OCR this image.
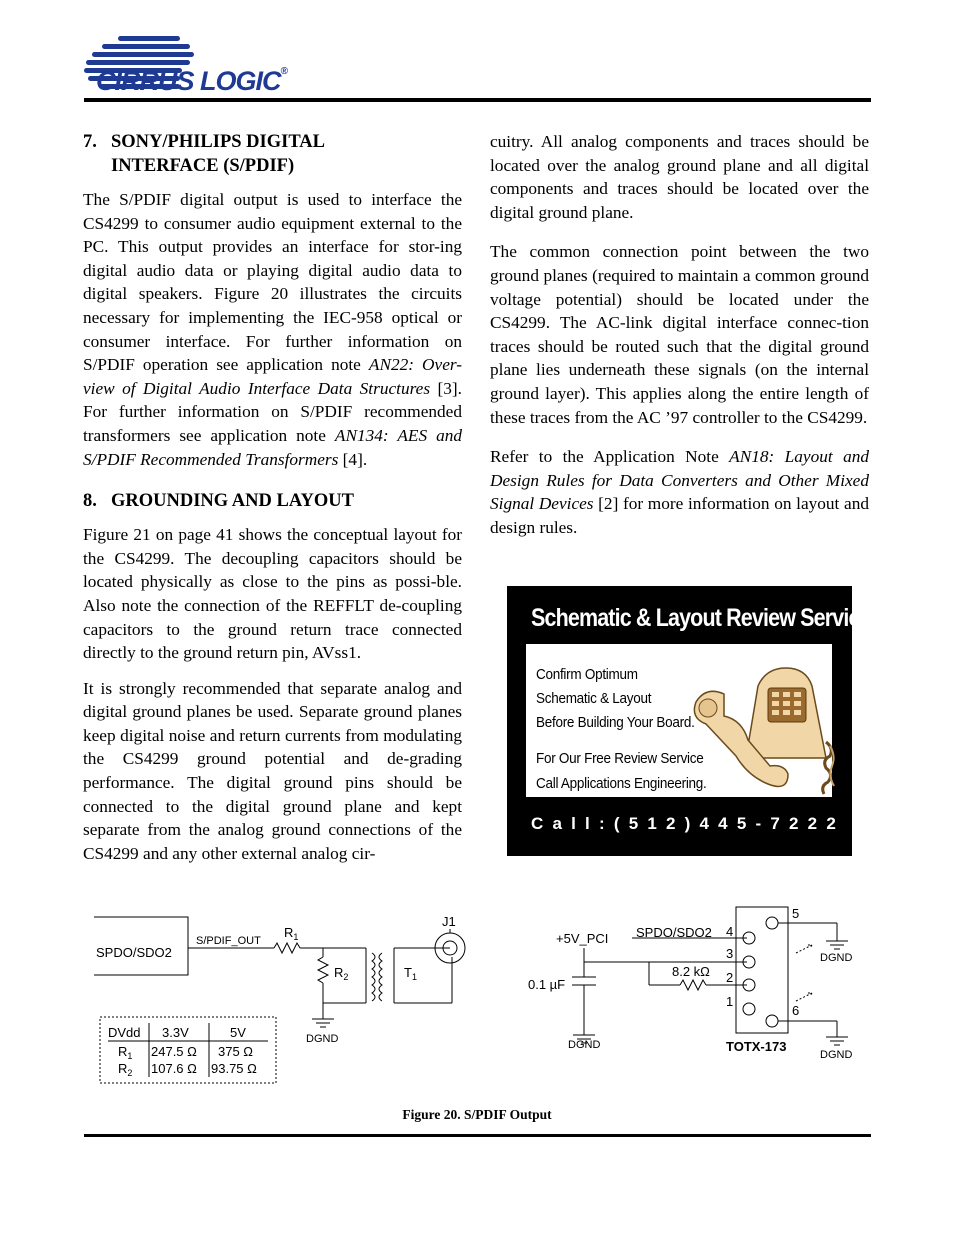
CIRRUS LOGIC®
7. SONY/PHILIPS DIGITAL
INTERFACE (S/PDIF)

The S/PDIF digital output is used to interface the CS4299 to consumer audio equipment external to the PC. This output provides an interface for stor-ing digital audio data or playing digital audio data to digital speakers. Figure 20 illustrates the circuits necessary for implementing the IEC-958 optical or consumer interface. For further information on S/PDIF operation see application note AN22: Over-view of Digital Audio Interface Data Structures [3]. For further information on S/PDIF recommended transformers see application note AN134: AES and S/PDIF Recommended Transformers [4].

8. GROUNDING AND LAYOUT

Figure 21 on page 41 shows the conceptual layout for the CS4299. The decoupling capacitors should be located physically as close to the pins as possi-ble. Also note the connection of the REFFLT de-coupling capacitors to the ground return trace connected directly to the ground return pin, AVss1.

It is strongly recommended that separate analog and digital ground planes be used. Separate ground planes keep digital noise and return currents from modulating the CS4299 ground potential and de-grading performance. The digital ground pins should be connected to the digital ground plane and kept separate from the analog ground connections of the CS4299 and any other external analog cir-

cuitry. All analog components and traces should be located over the analog ground plane and all digital components and traces should be located over the digital ground plane.

The common connection point between the two ground planes (required to maintain a common ground voltage potential) should be located under the CS4299. The AC-link digital interface connec-tion traces should be routed such that the digital ground plane lies underneath these signals (on the internal ground layer). This applies along the entire length of these traces from the AC ’97 controller to the CS4299.

Refer to the Application Note AN18: Layout and Design Rules for Data Converters and Other Mixed Signal Devices [2] for more information on layout and design rules.

Schematic & Layout Review Service
Confirm Optimum
Schematic & Layout
Before Building Your Board.
For Our Free Review Service
Call Applications Engineering.
Call:(512)445-7222
SPDO/SDO2
S/PDIF_OUT
$R_1$
$R_2$	$T_1$
J1
DGND
DVdd 3.3V	5V
$R_1$ 247.5 Ω 375 Ω
$R_2$ 107.6 Ω 93.75 Ω
+5V_PCI SPDO/SDO2
0.1 µF
8.2 kΩ
4
3
2
1
5
6
TOTX-173
DGND
DGND
DGND
Figure 20. S/PDIF Output
